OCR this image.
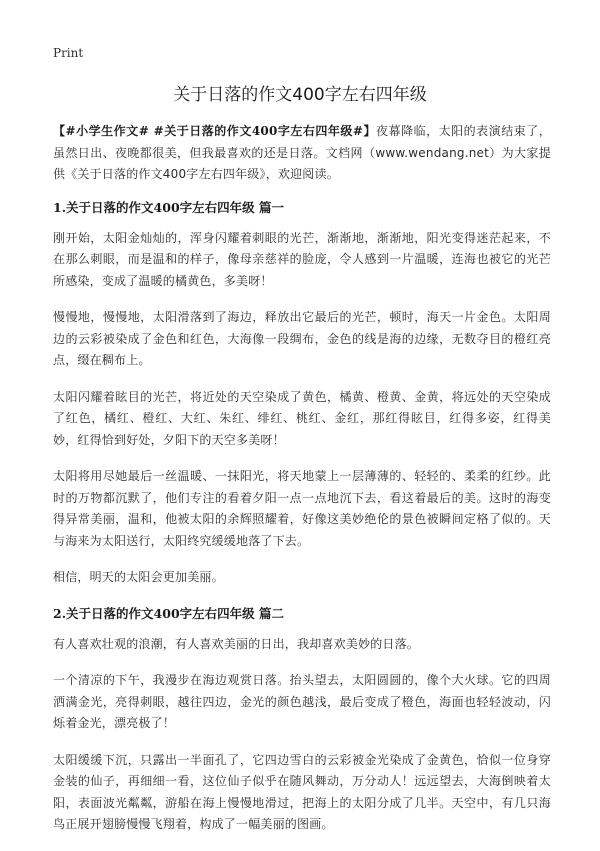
Print
关于日落的作文400字左右四年级

【#小学生作文# #关于日落的作文400字左右四年级#】夜幕降临，太阳的表演结束了，虽然日出、夜晚都很美，但我最喜欢的还是日落。文档网（www.wendang.net）为大家提供《关于日落的作文400字左右四年级》，欢迎阅读。

1.关于日落的作文400字左右四年级 篇一

刚开始，太阳金灿灿的，浑身闪耀着刺眼的光芒，渐渐地，渐渐地，阳光变得迷茫起来，不在那么刺眼，而是温和的样子，像母亲慈祥的脸庞，令人感到一片温暖，连海也被它的光芒所感染，变成了温暖的橘黄色，多美呀！

慢慢地，慢慢地，太阳滑落到了海边，释放出它最后的光芒，顿时，海天一片金色。太阳周边的云彩被染成了金色和红色，大海像一段绸布，金色的线是海的边缘，无数夺目的橙红亮点，缀在稠布上。

太阳闪耀着眩目的光芒，将近处的天空染成了黄色，橘黄、橙黄、金黄，将远处的天空染成了红色，橘红、橙红、大红、朱红、绯红、桃红、金红，那红得眩目，红得多姿，红得美妙，红得恰到好处，夕阳下的天空多美呀！

太阳将用尽她最后一丝温暖、一抹阳光，将天地蒙上一层薄薄的、轻轻的、柔柔的红纱。此时的万物都沉默了，他们专注的看着夕阳一点一点地沉下去，看这着最后的美。这时的海变得异常美丽，温和，他被太阳的余辉照耀着，好像这美妙绝伦的景色被瞬间定格了似的。天与海来为太阳送行，太阳终究缓缓地落了下去。

相信，明天的太阳会更加美丽。

2.关于日落的作文400字左右四年级 篇二

有人喜欢壮观的浪潮，有人喜欢美丽的日出，我却喜欢美妙的日落。

一个清凉的下午，我漫步在海边观赏日落。抬头望去，太阳圆圆的，像个大火球。它的四周洒满金光，亮得刺眼，越往四边，金光的颜色越浅，最后变成了橙色，海面也轻轻波动，闪烁着金光，漂亮极了！

太阳缓缓下沉，只露出一半面孔了，它四边雪白的云彩被金光染成了金黄色，恰似一位身穿金装的仙子，再细细一看，这位仙子似乎在随风舞动，万分动人！远远望去，大海倒映着太阳，表面波光粼粼，游船在海上慢慢地滑过，把海上的太阳分成了几半。天空中，有几只海鸟正展开翅膀慢慢飞翔着，构成了一幅美丽的图画。
